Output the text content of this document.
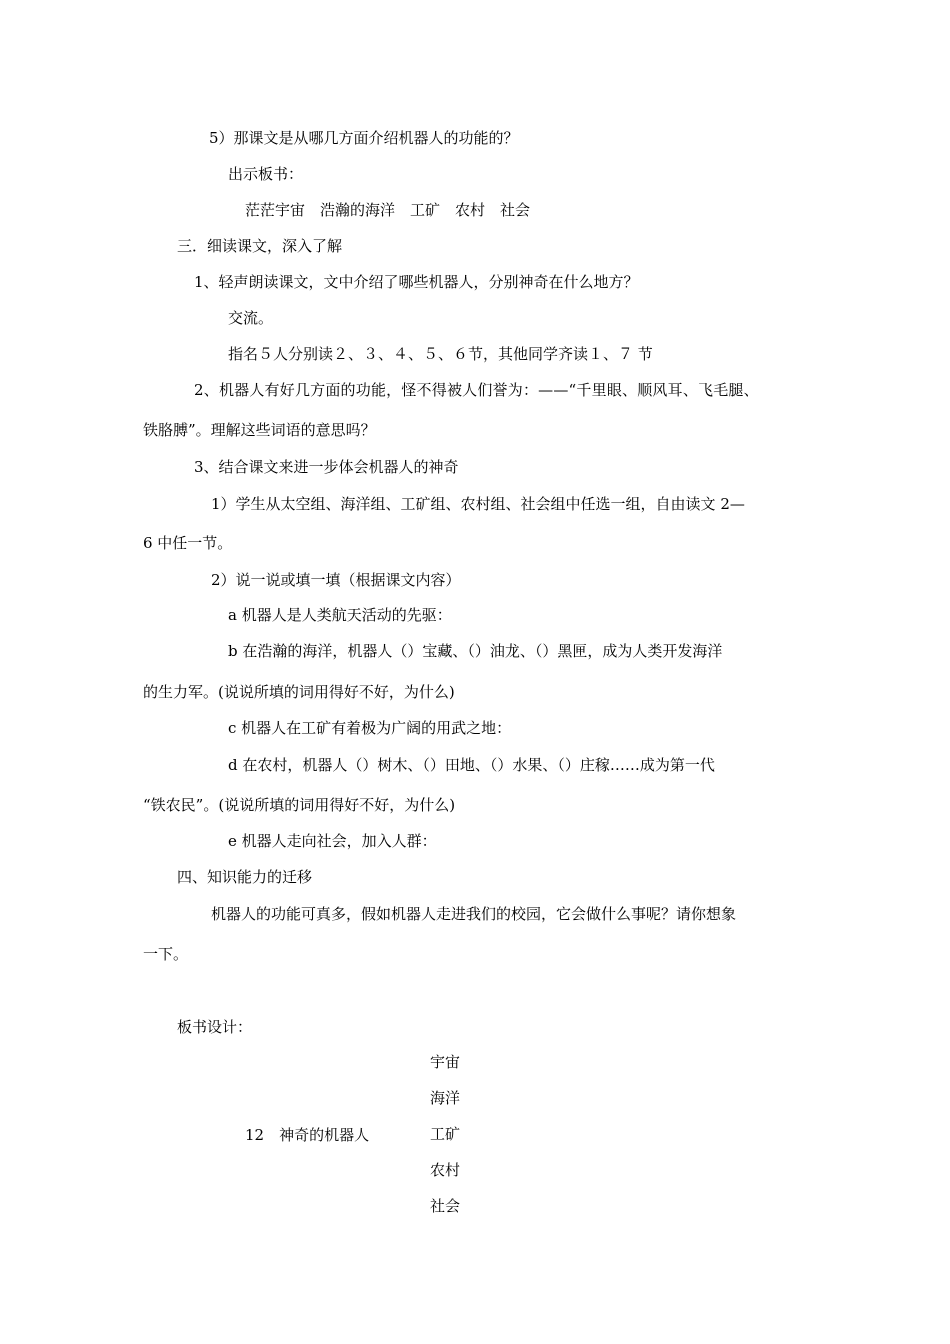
5）那课文是从哪几方面介绍机器人的功能的？
出示板书：
茫茫宇宙　浩瀚的海洋　工矿　农村　社会
三．细读课文，深入了解
1、轻声朗读课文，文中介绍了哪些机器人，分别神奇在什么地方？
交流。
指名５人分别读２、３、４、５、６节，其他同学齐读１、７ 节
2、机器人有好几方面的功能，怪不得被人们誉为：——“千里眼、顺风耳、飞毛腿、
铁胳膊”。理解这些词语的意思吗？
3、结合课文来进一步体会机器人的神奇
1）学生从太空组、海洋组、工矿组、农村组、社会组中任选一组，自由读文 2—
6 中任一节。
2）说一说或填一填（根据课文内容）
a 机器人是人类航天活动的先驱：
b 在浩瀚的海洋，机器人（）宝藏、（）油龙、（）黑匣，成为人类开发海洋
的生力军。(说说所填的词用得好不好，为什么)
c 机器人在工矿有着极为广阔的用武之地：
d 在农村，机器人（）树木、（）田地、（）水果、（）庄稼……成为第一代
“铁农民”。(说说所填的词用得好不好，为什么)
e 机器人走向社会，加入人群：
四、知识能力的迁移
机器人的功能可真多，假如机器人走进我们的校园，它会做什么事呢？请你想象
一下。
板书设计：
12　神奇的机器人
宇宙
海洋
工矿
农村
社会
